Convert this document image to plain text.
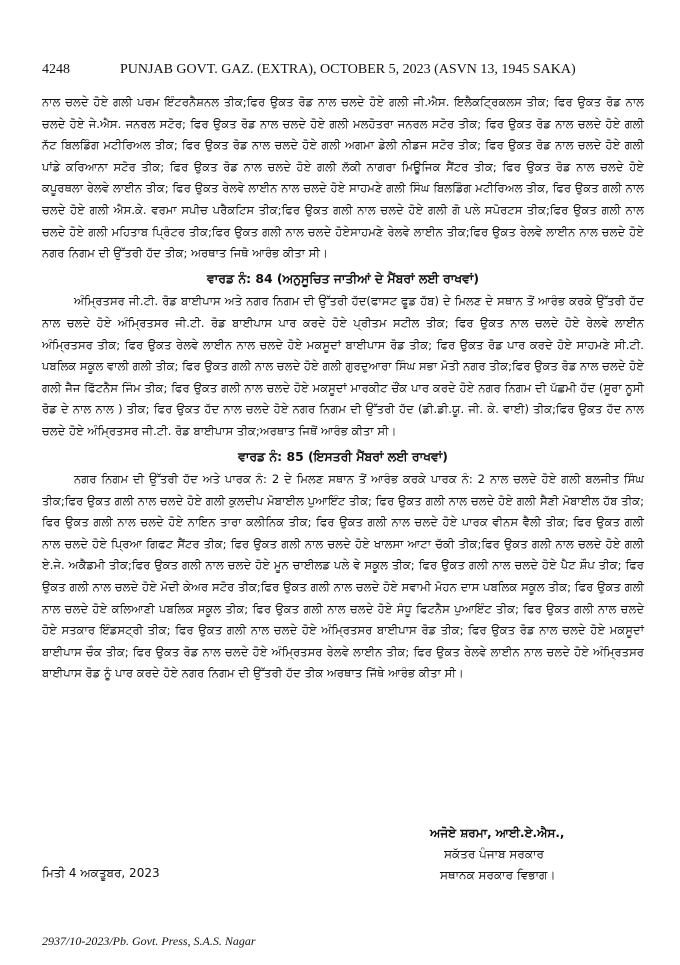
4248	PUNJAB GOVT. GAZ. (EXTRA), OCTOBER 5, 2023 (ASVN 13, 1945 SAKA)

ਨਾਲ ਚਲਦੇ ਹੋਏ ਗਲੀ ਪਰਮ ਇੰਟਰਨੈਸ਼ਨਲ ਤੀਕ;ਫਿਰ ਉਕਤ ਰੋਡ ਨਾਲ ਚਲਦੇ ਹੋਏ ਗਲੀ ਜੀ.ਐਸ. ਇਲੈਕਟ੍ਰਿਕਲਸ ਤੀਕ; ਫਿਰ ਉਕਤ ਰੋਡ ਨਾਲ ਚਲਦੇ ਹੋਏ ਜੇ.ਐਸ. ਜਨਰਲ ਸਟੋਰ; ਫਿਰ ਉਕਤ ਰੋਡ ਨਾਲ ਚਲਦੇ ਹੋਏ ਗਲੀ ਮਲਹੋਤਰਾ ਜਨਰਲ ਸਟੋਰ ਤੀਕ; ਫਿਰ ਉਕਤ ਰੋਡ ਨਾਲ ਚਲਦੇ ਹੋਏ ਗਲੀ ਨੱਟ ਬਿਲਡਿੰਗ ਮਟੀਰਿਅਲ ਤੀਕ; ਫਿਰ ਉਕਤ ਰੋਡ ਨਾਲ ਚਲਦੇ ਹੋਏ ਗਲੀ ਅਗਮਾ ਡੇਲੀ ਨੀਡਜ ਸਟੋਰ ਤੀਕ; ਫਿਰ ਉਕਤ ਰੋਡ ਨਾਲ ਚਲਦੇ ਹੋਏ ਗਲੀ ਪਾਂਡੇ ਕਰਿਆਨਾ ਸਟੋਰ ਤੀਕ; ਫਿਰ ਉਕਤ ਰੋਡ ਨਾਲ ਚਲਦੇ ਹੋਏ ਗਲੀ ਲੱਕੀ ਨਾਗਰਾ ਮਿਊਜਿਕ ਸੈਂਟਰ ਤੀਕ; ਫਿਰ ਉਕਤ ਰੋਡ ਨਾਲ ਚਲਦੇ ਹੋਏ ਕਪੂਰਥਲਾ ਰੇਲਵੇ ਲਾਈਨ ਤੀਕ; ਫਿਰ ਉਕਤ ਰੇਲਵੇ ਲਾਈਨ ਨਾਲ ਚਲਦੇ ਹੋਏ ਸਾਹਮਣੇ ਗਲੀ ਸਿੰਘ ਬਿਲਡਿੰਗ ਮਟੀਰਿਅਲ ਤੀਕ, ਫਿਰ ਉਕਤ ਗਲੀ ਨਾਲ ਚਲਦੇ ਹੋਏ ਗਲੀ ਐਸ.ਕੇ. ਵਰਮਾ ਸਪੀਚ ਪਰੈਕਟਿਸ ਤੀਕ;ਫਿਰ ਉਕਤ ਗਲੀ ਨਾਲ ਚਲਦੇ ਹੋਏ ਗਲੀ ਗੋ ਪਲੇ ਸਪੋਰਟਸ ਤੀਕ;ਫਿਰ ਉਕਤ ਗਲੀ ਨਾਲ ਚਲਦੇ ਹੋਏ ਗਲੀ ਮਹਿਤਾਬ ਪ੍ਰਿੰਟਰ ਤੀਕ;ਫਿਰ ਉਕਤ ਗਲੀ ਨਾਲ ਚਲਦੇ ਹੋਏਸਾਹਮਣੇ ਰੇਲਵੇ ਲਾਈਨ ਤੀਕ;ਫਿਰ ਉਕਤ ਰੇਲਵੇ ਲਾਈਨ ਨਾਲ ਚਲਦੇ ਹੋਏ ਨਗਰ ਨਿਗਮ ਦੀ ਉੱਤਰੀ ਹੱਦ ਤੀਕ; ਅਰਥਾਤ ਜਿਥੋ ਆਰੰਭ ਕੀਤਾ ਸੀ।

ਵਾਰਡ ਨੰ: 84 (ਅਨੁਸੂਚਿਤ ਜਾਤੀਆਂ ਦੇ ਮੈਂਬਰਾਂ ਲਈ ਰਾਖਵਾਂ)

ਅੰਮ੍ਰਿਤਸਰ ਜੀ.ਟੀ. ਰੋਡ ਬਾਈਪਾਸ ਅਤੇ ਨਗਰ ਨਿਗਮ ਦੀ ਉੱਤਰੀ ਹੱਦ(ਫਾਸਟ ਫੂਡ ਹੱਬ) ਦੇ ਮਿਲਣ ਦੇ ਸਥਾਨ ਤੋਂ ਆਰੰਭ ਕਰਕੇ ਉੱਤਰੀ ਹੱਦ ਨਾਲ ਚਲਦੇ ਹੋਏ ਅੰਮ੍ਰਿਤਸਰ ਜੀ.ਟੀ. ਰੋਡ ਬਾਈਪਾਸ ਪਾਰ ਕਰਦੇ ਹੋਏ ਪ੍ਰੀਤਮ ਸਟੀਲ ਤੀਕ; ਫਿਰ ਉਕਤ ਨਾਲ ਚਲਦੇ ਹੋਏ ਰੇਲਵੇ ਲਾਈਨ ਅੰਮ੍ਰਿਤਸਰ ਤੀਕ; ਫਿਰ ਉਕਤ ਰੇਲਵੇ ਲਾਈਨ ਨਾਲ ਚਲਦੇ ਹੋਏ ਮਕਸੂਦਾਂ ਬਾਈਪਾਸ ਰੋਡ ਤੀਕ; ਫਿਰ ਉਕਤ ਰੋਡ ਪਾਰ ਕਰਦੇ ਹੋਏ ਸਾਹਮਣੇ ਸੀ.ਟੀ. ਪਬਲਿਕ ਸਕੂਲ ਵਾਲੀ ਗਲੀ ਤੀਕ; ਫਿਰ ਉਕਤ ਗਲੀ ਨਾਲ ਚਲਦੇ ਹੋਏ ਗਲੀ ਗੁਰਦੁਆਰਾ ਸਿੰਘ ਸਭਾ ਮੋਤੀ ਨਗਰ ਤੀਕ;ਫਿਰ ਉਕਤ ਰੋਡ ਨਾਲ ਚਲਦੇ ਹੋਏ ਗਲੀ ਜੈਜ ਫਿੱਟਨੈਸ ਜਿੰਮ ਤੀਕ; ਫਿਰ ਉਕਤ ਗਲੀ ਨਾਲ ਚਲਦੇ ਹੋਏ ਮਕਸੂਦਾਂ ਮਾਰਕੀਟ ਚੌਂਕ ਪਾਰ ਕਰਦੇ ਹੋਏ ਨਗਰ ਨਿਗਮ ਦੀ ਪੱਛਮੀ ਹੱਦ (ਸੂਰਾ ਨੂਸੀ ਰੋਡ ਦੇ ਨਾਲ ਨਾਲ ) ਤੀਕ; ਫਿਰ ਉਕਤ ਹੱਦ ਨਾਲ ਚਲਦੇ ਹੋਏ ਨਗਰ ਨਿਗਮ ਦੀ ਉੱਤਰੀ ਹੱਦ (ਡੀ.ਡੀ.ਯੂ. ਜੀ. ਕੇ. ਵਾਈ) ਤੀਕ;ਫਿਰ ਉਕਤ ਹੱਦ ਨਾਲ ਚਲਦੇ ਹੋਏ ਅੰਮ੍ਰਿਤਸਰ ਜੀ.ਟੀ. ਰੋਡ ਬਾਈਪਾਸ ਤੀਕ;ਅਰਥਾਤ ਜਿਥੋਂ ਆਰੰਭ ਕੀਤਾ ਸੀ।

ਵਾਰਡ ਨੰ: 85 (ਇਸਤਰੀ ਮੈਂਬਰਾਂ ਲਈ ਰਾਖਵਾਂ)

ਨਗਰ ਨਿਗਮ ਦੀ ਉੱਤਰੀ ਹੱਦ ਅਤੇ ਪਾਰਕ ਨੰ: 2 ਦੇ ਮਿਲਣ ਸਥਾਨ ਤੋਂ ਆਰੰਭ ਕਰਕੇ ਪਾਰਕ ਨੰ: 2 ਨਾਲ ਚਲਦੇ ਹੋਏ ਗਲੀ ਬਲਜੀਤ ਸਿੰਘ ਤੀਕ;ਫਿਰ ਉਕਤ ਗਲੀ ਨਾਲ ਚਲਦੇ ਹੋਏ ਗਲੀ ਕੁਲਦੀਪ ਮੋਬਾਈਲ ਪੁਆਇੰਟ ਤੀਕ; ਫਿਰ ਉਕਤ ਗਲੀ ਨਾਲ ਚਲਦੇ ਹੋਏ ਗਲੀ ਸੈਣੀ ਮੋਬਾਈਲ ਹੱਬ ਤੀਕ; ਫਿਰ ਉਕਤ ਗਲੀ ਨਾਲ ਚਲਦੇ ਹੋਏ ਨਾਇਨ ਤਾਰਾ ਕਲੀਨਿਕ ਤੀਕ; ਫਿਰ ਉਕਤ ਗਲੀ ਨਾਲ ਚਲਦੇ ਹੋਏ ਪਾਰਕ ਵੀਨਸ ਵੈਲੀ ਤੀਕ; ਫਿਰ ਉਕਤ ਗਲੀ ਨਾਲ ਚਲਦੇ ਹੋਏ ਪ੍ਰਿਆ ਗਿਫਟ ਸੈਂਟਰ ਤੀਕ; ਫਿਰ ਉਕਤ ਗਲੀ ਨਾਲ ਚਲਦੇ ਹੋਏ ਖਾਲਸਾ ਆਟਾ ਚੱਕੀ ਤੀਕ;ਫਿਰ ਉਕਤ ਗਲੀ ਨਾਲ ਚਲਦੇ ਹੋਏ ਗਲੀ ਏ.ਜੇ. ਅਕੈਡਮੀ ਤੀਕ;ਫਿਰ ਉਕਤ ਗਲੀ ਨਾਲ ਚਲਦੇ ਹੋਏ ਮੂਨ ਚਾਈਲਡ ਪਲੇ ਵੇ ਸਕੂਲ ਤੀਕ; ਫਿਰ ਉਕਤ ਗਲੀ ਨਾਲ ਚਲਦੇ ਹੋਏ ਪੈਟ ਸ਼ੌਪ ਤੀਕ; ਫਿਰ ਉਕਤ ਗਲੀ ਨਾਲ ਚਲਦੇ ਹੋਏ ਮੋਦੀ ਕੇਅਰ ਸਟੋਰ ਤੀਕ;ਫਿਰ ਉਕਤ ਗਲੀ ਨਾਲ ਚਲਦੇ ਹੋਏ ਸਵਾਮੀ ਮੋਹਨ ਦਾਸ ਪਬਲਿਕ ਸਕੂਲ ਤੀਕ; ਫਿਰ ਉਕਤ ਗਲੀ ਨਾਲ ਚਲਦੇ ਹੋਏ ਕਲਿਆਣੀ ਪਬਲਿਕ ਸਕੂਲ ਤੀਕ; ਫਿਰ ਉਕਤ ਗਲੀ ਨਾਲ ਚਲਦੇ ਹੋਏ ਸੰਧੂ ਫਿਟਨੈਸ ਪੁਆਇੰਟ ਤੀਕ; ਫਿਰ ਉਕਤ ਗਲੀ ਨਾਲ ਚਲਦੇ ਹੋਏ ਸਤਕਾਰ ਇੰਡਸਟ੍ਰੀ ਤੀਕ; ਫਿਰ ਉਕਤ ਗਲੀ ਨਾਲ ਚਲਦੇ ਹੋਏ ਅੰਮ੍ਰਿਤਸਰ ਬਾਈਪਾਸ ਰੋਡ ਤੀਕ; ਫਿਰ ਉਕਤ ਰੋਡ ਨਾਲ ਚਲਦੇ ਹੋਏ ਮਕਸੂਦਾਂ ਬਾਈਪਾਸ ਚੌਕ ਤੀਕ; ਫਿਰ ਉਕਤ ਰੋਡ ਨਾਲ ਚਲਦੇ ਹੋਏ ਅੰਮ੍ਰਿਤਸਰ ਰੇਲਵੇ ਲਾਈਨ ਤੀਕ; ਫਿਰ ਉਕਤ ਰੇਲਵੇ ਲਾਈਨ ਨਾਲ ਚਲਦੇ ਹੋਏ ਅੰਮ੍ਰਿਤਸਰ ਬਾਈਪਾਸ ਰੋਡ ਨੂੰ ਪਾਰ ਕਰਦੇ ਹੋਏ ਨਗਰ ਨਿਗਮ ਦੀ ਉੱਤਰੀ ਹੱਦ ਤੀਕ ਅਰਥਾਤ ਜਿੱਥੇ ਆਰੰਭ ਕੀਤਾ ਸੀ।

ਅਜੋਏ ਸ਼ਰਮਾ, ਆਈ.ਏ.ਐਸ.,
ਸਕੱਤਰ ਪੰਜਾਬ ਸਰਕਾਰ
ਸਥਾਨਕ ਸਰਕਾਰ ਵਿਭਾਗ।
ਮਿਤੀ 4 ਅਕਤੂਬਰ, 2023
2937/10-2023/Pb. Govt. Press, S.A.S. Nagar
